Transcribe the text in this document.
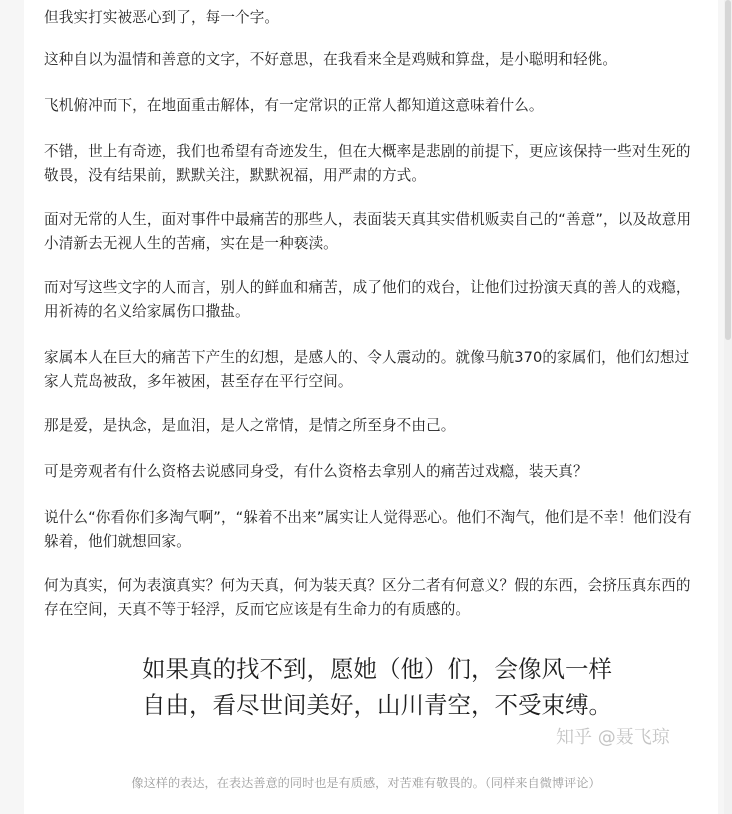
但我实打实被恶心到了，每一个字。

这种自以为温情和善意的文字，不好意思，在我看来全是鸡贼和算盘，是小聪明和轻佻。

飞机俯冲而下，在地面重击解体，有一定常识的正常人都知道这意味着什么。

不错，世上有奇迹，我们也希望有奇迹发生，但在大概率是悲剧的前提下，更应该保持一些对生死的敬畏，没有结果前，默默关注，默默祝福，用严肃的方式。

面对无常的人生，面对事件中最痛苦的那些人，表面装天真其实借机贩卖自己的“善意”，以及故意用小清新去无视人生的苦痛，实在是一种亵渎。

而对写这些文字的人而言，别人的鲜血和痛苦，成了他们的戏台，让他们过扮演天真的善人的戏瘾，用祈祷的名义给家属伤口撒盐。

家属本人在巨大的痛苦下产生的幻想，是感人的、令人震动的。就像马航370的家属们，他们幻想过家人荒岛被敌，多年被困，甚至存在平行空间。

那是爱，是执念，是血泪，是人之常情，是情之所至身不由己。

可是旁观者有什么资格去说感同身受，有什么资格去拿别人的痛苦过戏瘾，装天真？

说什么“你看你们多淘气啊”，“躲着不出来”属实让人觉得恶心。他们不淘气，他们是不幸！他们没有躲着，他们就想回家。

何为真实，何为表演真实？何为天真，何为装天真？区分二者有何意义？假的东西，会挤压真东西的存在空间，天真不等于轻浮，反而它应该是有生命力的有质感的。

如果真的找不到，愿她（他）们，会像风一样

自由，看尽世间美好，山川青空，不受束缚。

知乎 @聂飞琼

像这样的表达，在表达善意的同时也是有质感，对苦难有敬畏的。（同样来自微博评论）
